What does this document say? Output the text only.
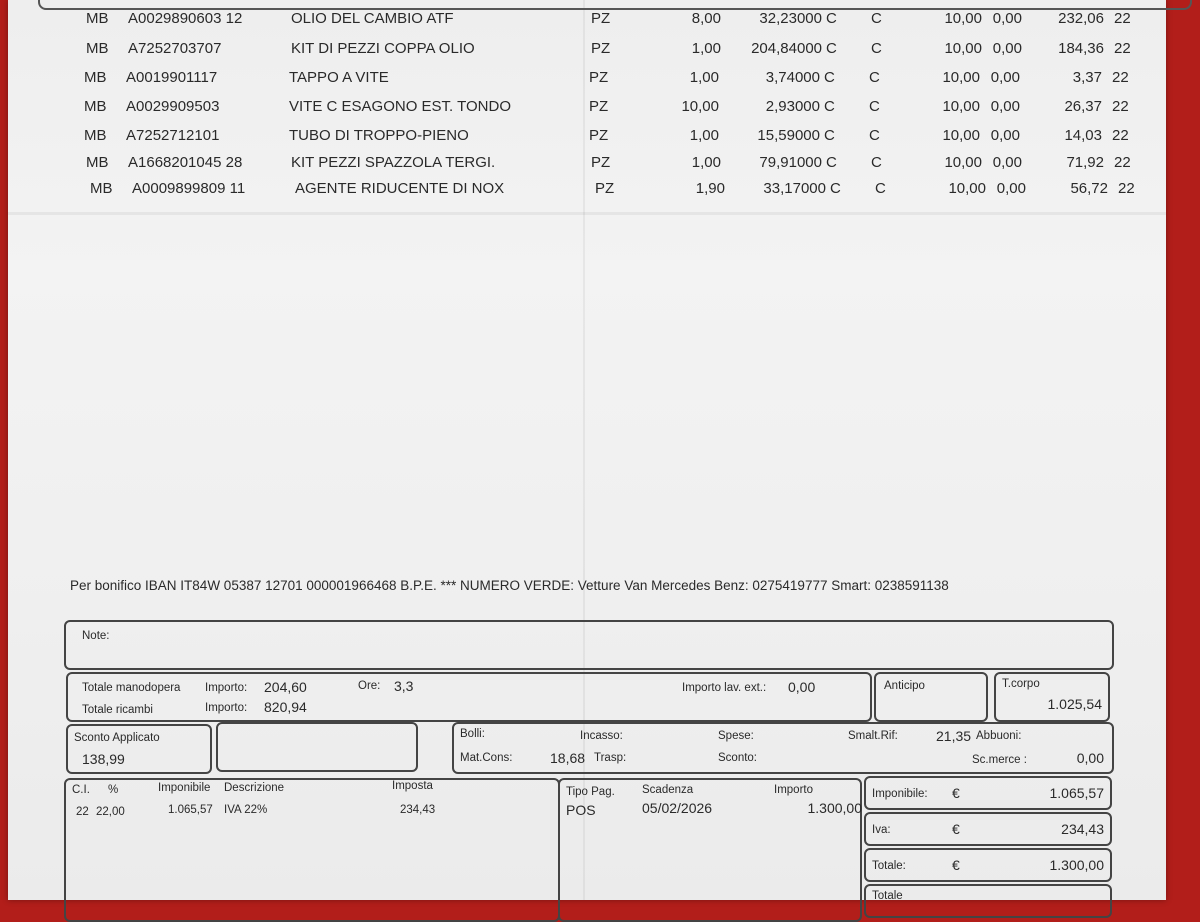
MB A0029890603 12	OLIO DEL CAMBIO ATF	PZ	8,00	32,23000 C C	10,00 0,00	232,06 22
MB A7252703707	KIT DI PEZZI COPPA OLIO	PZ	1,00	204,84000 C C	10,00 0,00	184,36 22
MB A0019901117	TAPPO A VITE	PZ	1,00	3,74000 C C	10,00 0,00	3,37 22
MB A0029909503	VITE C ESAGONO EST. TONDO	PZ	10,00	2,93000 C C	10,00 0,00	26,37 22
MB A7252712101	TUBO DI TROPPO-PIENO	PZ	1,00	15,59000 C C	10,00 0,00	14,03 22
MB A1668201045 28	KIT PEZZI SPAZZOLA TERGI.	PZ	1,00	79,91000 C C	10,00 0,00	71,92 22
MB A0009899809 11	AGENTE RIDUCENTE DI NOX	PZ	1,90	33,17000 C C	10,00 0,00	56,72 22
Per bonifico IBAN IT84W 05387 12701 000001966468 B.P.E. *** NUMERO VERDE: Vetture Van Mercedes Benz: 0275419777 Smart: 0238591138
Note:
Totale manodopera Importo: 204,60	Ore: 3,3	Importo lav. ext.: 0,00
Totale ricambi	Importo: 820,94
Anticipo	T.corpo
1.025,54
Sconto Applicato
138,99
Bolli:	Incasso:	Spese:	Smalt.Rif:	21,35 Abbuoni:
Mat.Cons:	18,68 Trasp:	Sconto:	Sc.merce :	0,00
C.I. %	Imponibile Descrizione	Imposta
22 22,00	1.065,57 IVA 22%	234,43
Tipo Pag. Scadenza	Importo
POS	05/02/2026	1.300,00
Imponibile: €	1.065,57
Iva:	€	234,43
Totale:	€	1.300,00
Totale
